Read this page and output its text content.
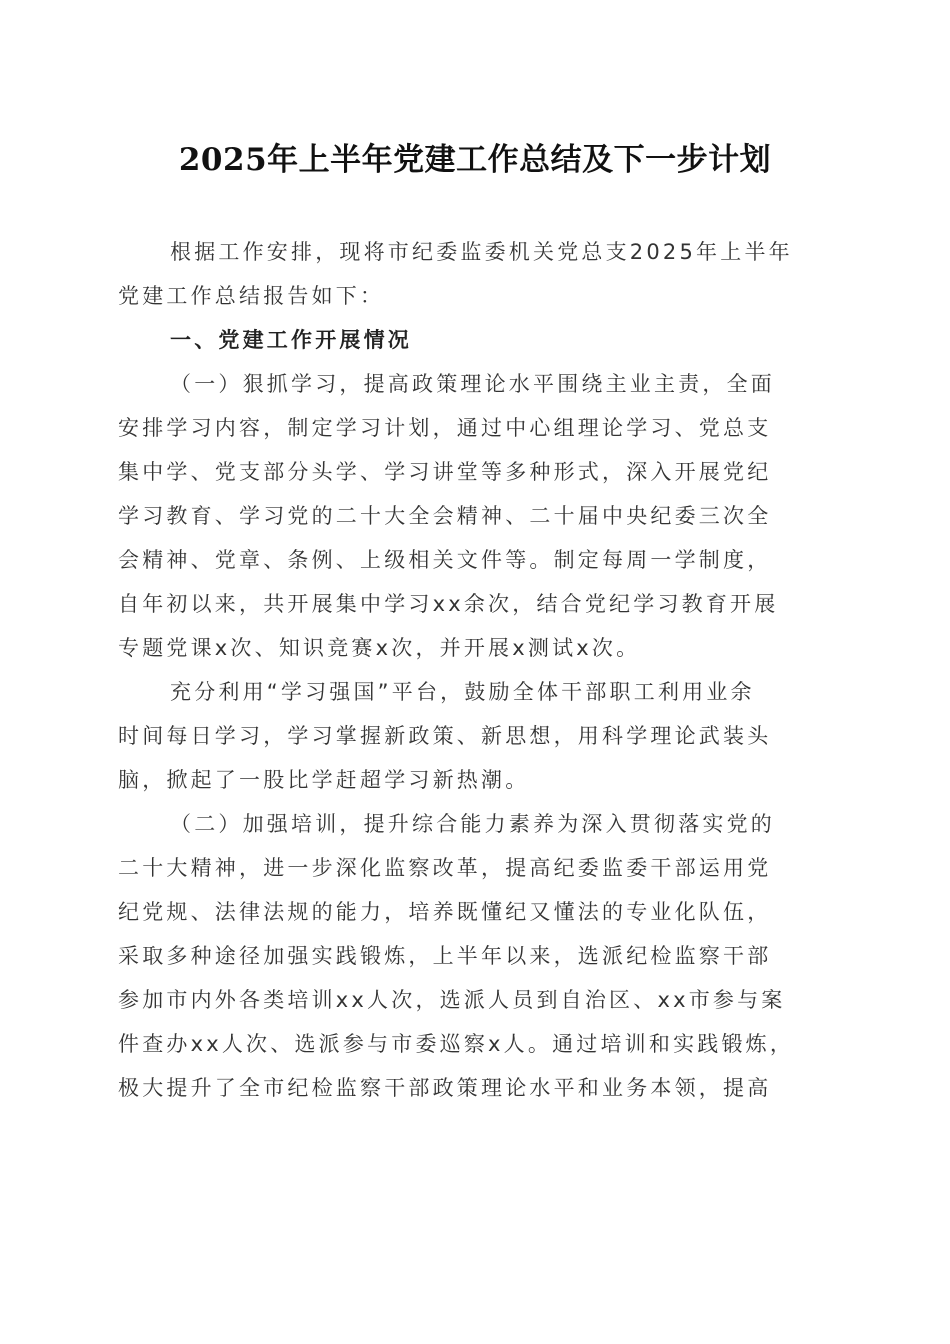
2025年上半年党建工作总结及下一步计划
根据工作安排，现将市纪委监委机关党总支2025年上半年
党建工作总结报告如下：
一、党建工作开展情况
（一）狠抓学习，提高政策理论水平围绕主业主责，全面
安排学习内容，制定学习计划，通过中心组理论学习、党总支
集中学、党支部分头学、学习讲堂等多种形式，深入开展党纪
学习教育、学习党的二十大全会精神、二十届中央纪委三次全
会精神、党章、条例、上级相关文件等。制定每周一学制度，
自年初以来，共开展集中学习xx余次，结合党纪学习教育开展
专题党课x次、知识竞赛x次，并开展x测试x次。
充分利用“学习强国”平台，鼓励全体干部职工利用业余
时间每日学习，学习掌握新政策、新思想，用科学理论武装头
脑，掀起了一股比学赶超学习新热潮。
（二）加强培训，提升综合能力素养为深入贯彻落实党的
二十大精神，进一步深化监察改革，提高纪委监委干部运用党
纪党规、法律法规的能力，培养既懂纪又懂法的专业化队伍，
采取多种途径加强实践锻炼，上半年以来，选派纪检监察干部
参加市内外各类培训xx人次，选派人员到自治区、xx市参与案
件查办xx人次、选派参与市委巡察x人。通过培训和实践锻炼，
极大提升了全市纪检监察干部政策理论水平和业务本领，提高
